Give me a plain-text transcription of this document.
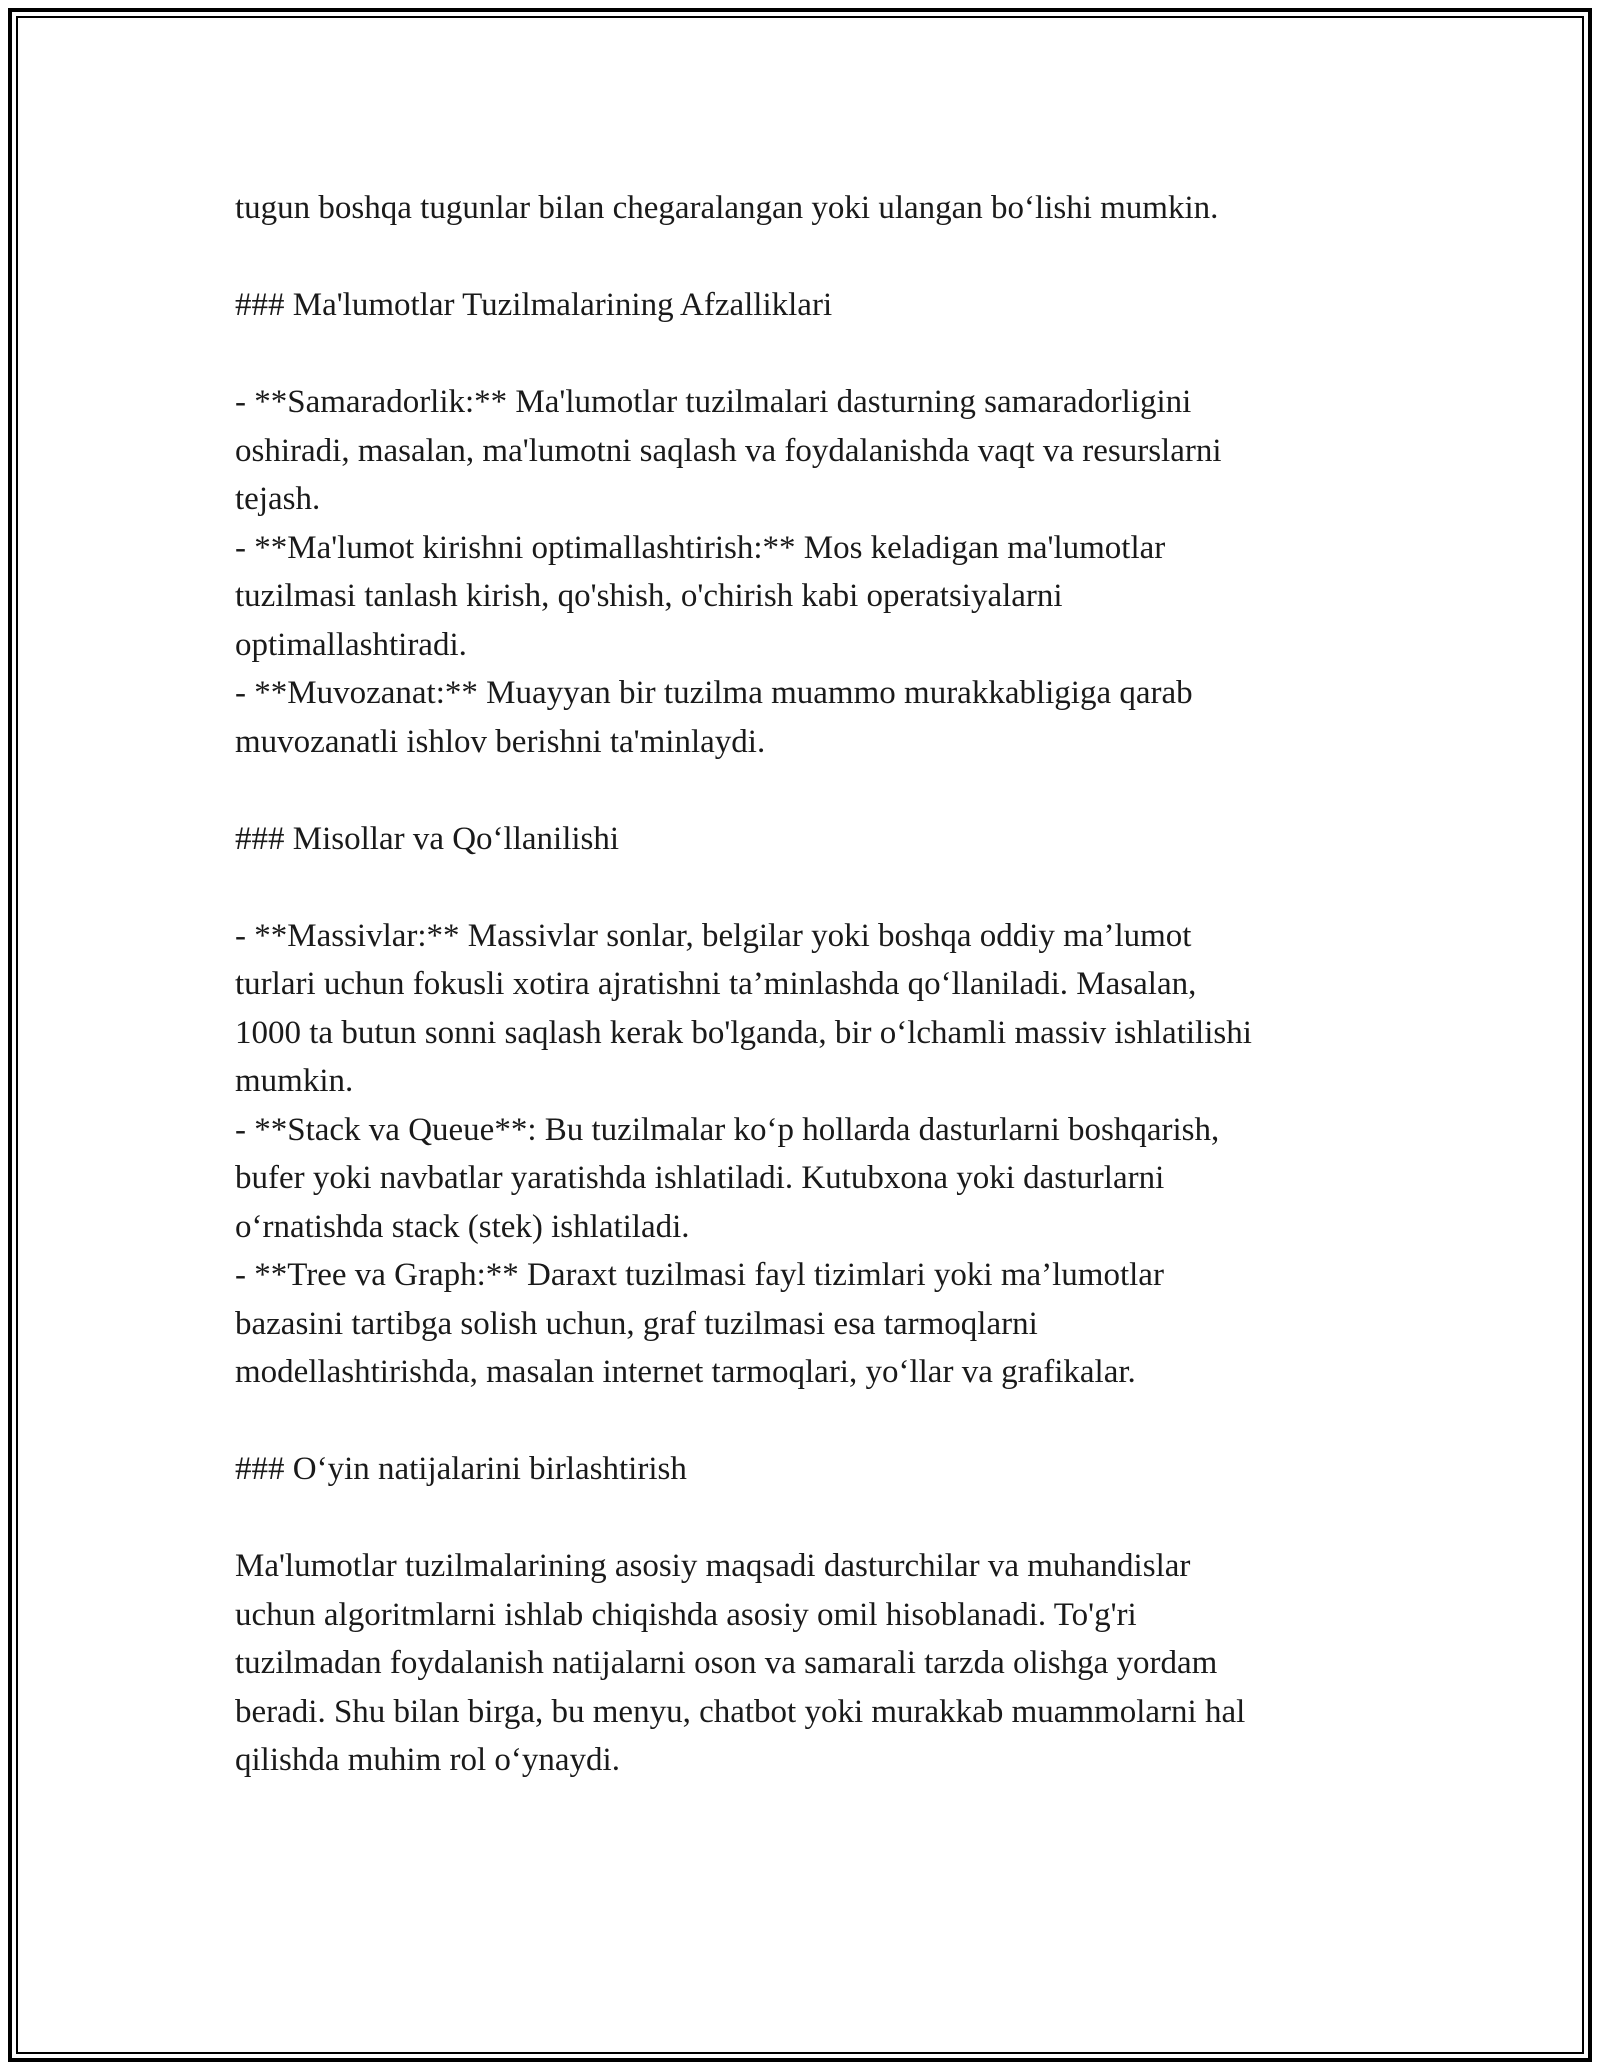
tugun boshqa tugunlar bilan chegaralangan yoki ulangan bo‘lishi mumkin.
### Ma'lumotlar Tuzilmalarining Afzalliklari
- **Samaradorlik:** Ma'lumotlar tuzilmalari dasturning samaradorligini
oshiradi, masalan, ma'lumotni saqlash va foydalanishda vaqt va resurslarni
tejash.
- **Ma'lumot kirishni optimallashtirish:** Mos keladigan ma'lumotlar
tuzilmasi tanlash kirish, qo'shish, o'chirish kabi operatsiyalarni
optimallashtiradi.
- **Muvozanat:** Muayyan bir tuzilma muammo murakkabligiga qarab
muvozanatli ishlov berishni ta'minlaydi.
### Misollar va Qo‘llanilishi
- **Massivlar:** Massivlar sonlar, belgilar yoki boshqa oddiy ma’lumot
turlari uchun fokusli xotira ajratishni ta’minlashda qo‘llaniladi. Masalan,
1000 ta butun sonni saqlash kerak bo'lganda, bir o‘lchamli massiv ishlatilishi
mumkin.
- **Stack va Queue**: Bu tuzilmalar ko‘p hollarda dasturlarni boshqarish,
bufer yoki navbatlar yaratishda ishlatiladi. Kutubxona yoki dasturlarni
o‘rnatishda stack (stek) ishlatiladi.
- **Tree va Graph:** Daraxt tuzilmasi fayl tizimlari yoki ma’lumotlar
bazasini tartibga solish uchun, graf tuzilmasi esa tarmoqlarni
modellashtirishda, masalan internet tarmoqlari, yo‘llar va grafikalar.
### O‘yin natijalarini birlashtirish
Ma'lumotlar tuzilmalarining asosiy maqsadi dasturchilar va muhandislar
uchun algoritmlarni ishlab chiqishda asosiy omil hisoblanadi. To'g'ri
tuzilmadan foydalanish natijalarni oson va samarali tarzda olishga yordam
beradi. Shu bilan birga, bu menyu, chatbot yoki murakkab muammolarni hal
qilishda muhim rol o‘ynaydi.
